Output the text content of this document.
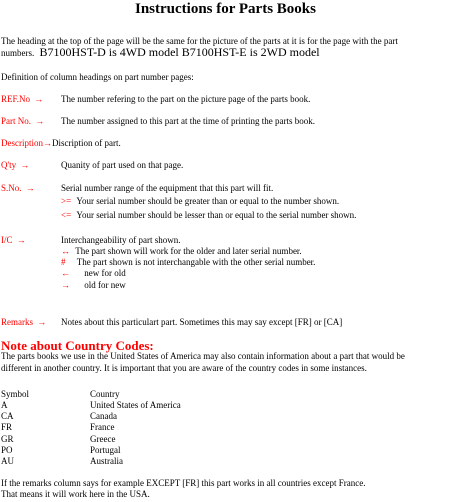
Instructions for Parts Books
The heading at the top of the page will be the same for the picture of the parts at it is for the page with the part
numbers. B7100HST-D is 4WD model B7100HST-E is 2WD model
Definition of column headings on part number pages:
REF.No → The number refering to the part on the picture page of the parts book.
Part No. → The number assigned to this part at the time of printing the parts book.
Description→Discription of part.
Q'ty →	Quanity of part used on that page.
S.No. →	Serial number range of the equipment that this part will fit.
>= Your serial number should be greater than or equal to the number shown.
<= Your serial number should be lesser than or equal to the serial number shown.
I/C →	Interchangeability of part shown.
↔ The part shown will work for the older and later serial number.
# The part shown is not interchangable with the other serial number.
← new for old
→ old for new
Remarks → Notes about this particulart part. Sometimes this may say except [FR] or [CA]
Note about Country Codes:
The parts books we use in the United States of America may also contain information about a part that would be
different in another country. It is important that you are aware of the country codes in some instances.
Symbol	Country
A	United States of America
CA	Canada
FR	France
GR	Greece
PO	Portugal
AU	Australia
If the remarks column says for example EXCEPT [FR] this part works in all countries except France.
That means it will work here in the USA.
